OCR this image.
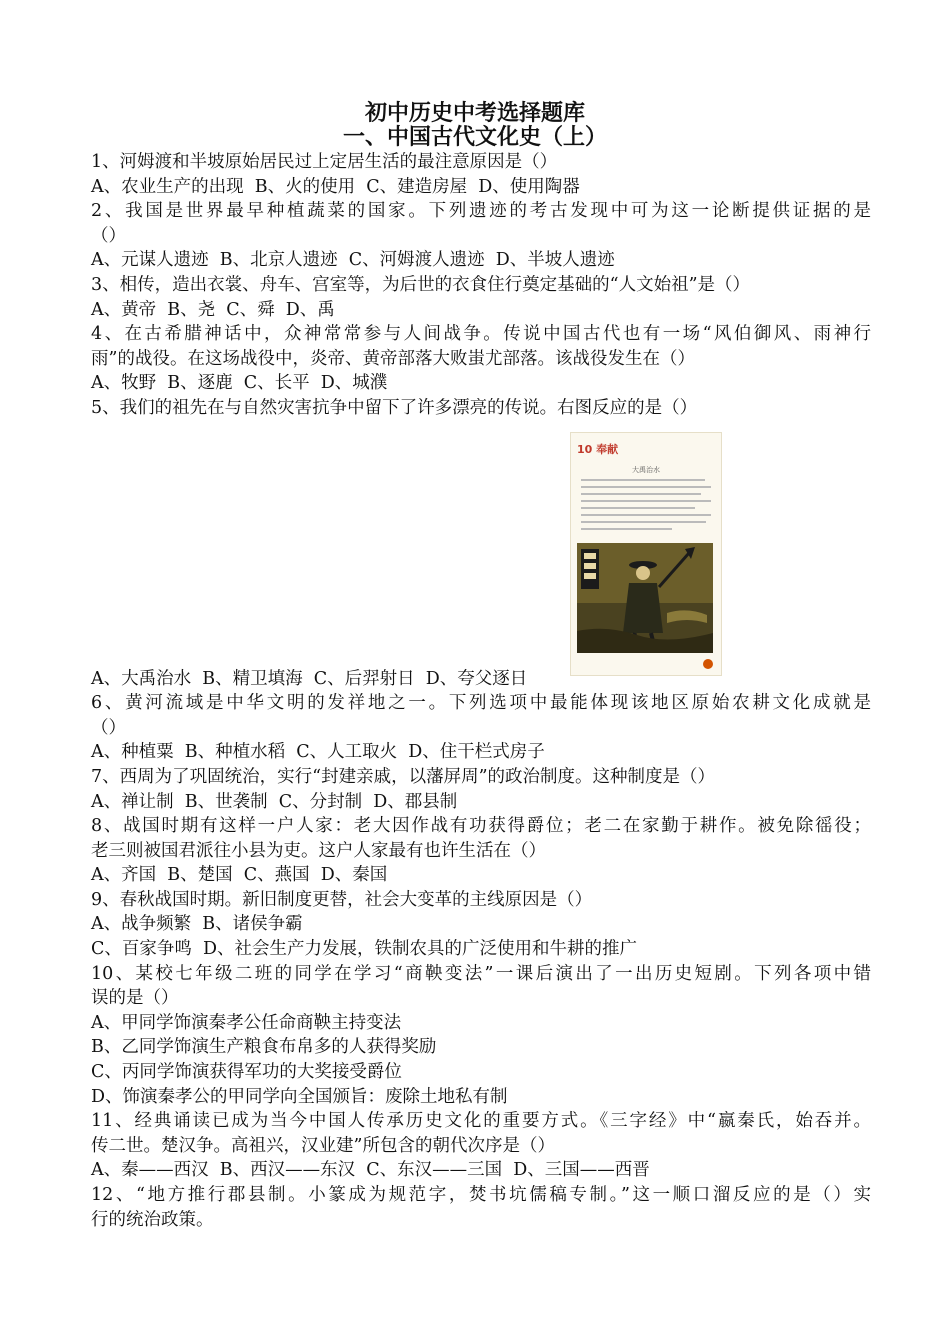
初中历史中考选择题库
一、中国古代文化史（上）
1、河姆渡和半坡原始居民过上定居生活的最注意原因是（）
A、农业生产的出现  B、火的使用  C、建造房屋  D、使用陶器
2、我国是世界最早种植蔬菜的国家。下列遗迹的考古发现中可为这一论断提供证据的是
（）
A、元谋人遗迹  B、北京人遗迹  C、河姆渡人遗迹  D、半坡人遗迹
3、相传，造出衣裳、舟车、宫室等，为后世的衣食住行奠定基础的“人文始祖”是（）
A、黄帝  B、尧  C、舜  D、禹
4、在古希腊神话中，众神常常参与人间战争。传说中国古代也有一场“风伯御风、雨神行
雨”的战役。在这场战役中，炎帝、黄帝部落大败蚩尤部落。该战役发生在（）
A、牧野  B、逐鹿  C、长平  D、城濮
5、我们的祖先在与自然灾害抗争中留下了许多漂亮的传说。右图反应的是（）
A、大禹治水  B、精卫填海  C、后羿射日  D、夸父逐日
6、黄河流域是中华文明的发祥地之一。下列选项中最能体现该地区原始农耕文化成就是
（）
A、种植粟  B、种植水稻  C、人工取火  D、住干栏式房子
7、西周为了巩固统治，实行“封建亲戚，以藩屏周”的政治制度。这种制度是（）
A、禅让制  B、世袭制  C、分封制  D、郡县制
8、战国时期有这样一户人家：老大因作战有功获得爵位；老二在家勤于耕作。被免除徭役；
老三则被国君派往小县为吏。这户人家最有也许生活在（）
A、齐国  B、楚国  C、燕国  D、秦国
9、春秋战国时期。新旧制度更替，社会大变革的主线原因是（）
A、战争频繁  B、诸侯争霸
C、百家争鸣  D、社会生产力发展，铁制农具的广泛使用和牛耕的推广
10、某校七年级二班的同学在学习“商鞅变法”一课后演出了一出历史短剧。下列各项中错
误的是（）
A、甲同学饰演秦孝公任命商鞅主持变法
B、乙同学饰演生产粮食布帛多的人获得奖励
C、丙同学饰演获得军功的大奖接受爵位
D、饰演秦孝公的甲同学向全国颁旨：废除土地私有制
11、经典诵读已成为当今中国人传承历史文化的重要方式。《三字经》中“嬴秦氏，始吞并。
传二世。楚汉争。高祖兴，汉业建”所包含的朝代次序是（）
A、秦——西汉  B、西汉——东汉  C、东汉——三国  D、三国——西晋
12、“地方推行郡县制。小篆成为规范字，焚书坑儒稿专制。”这一顺口溜反应的是（）实
行的统治政策。
10 奉献
大禹治水
